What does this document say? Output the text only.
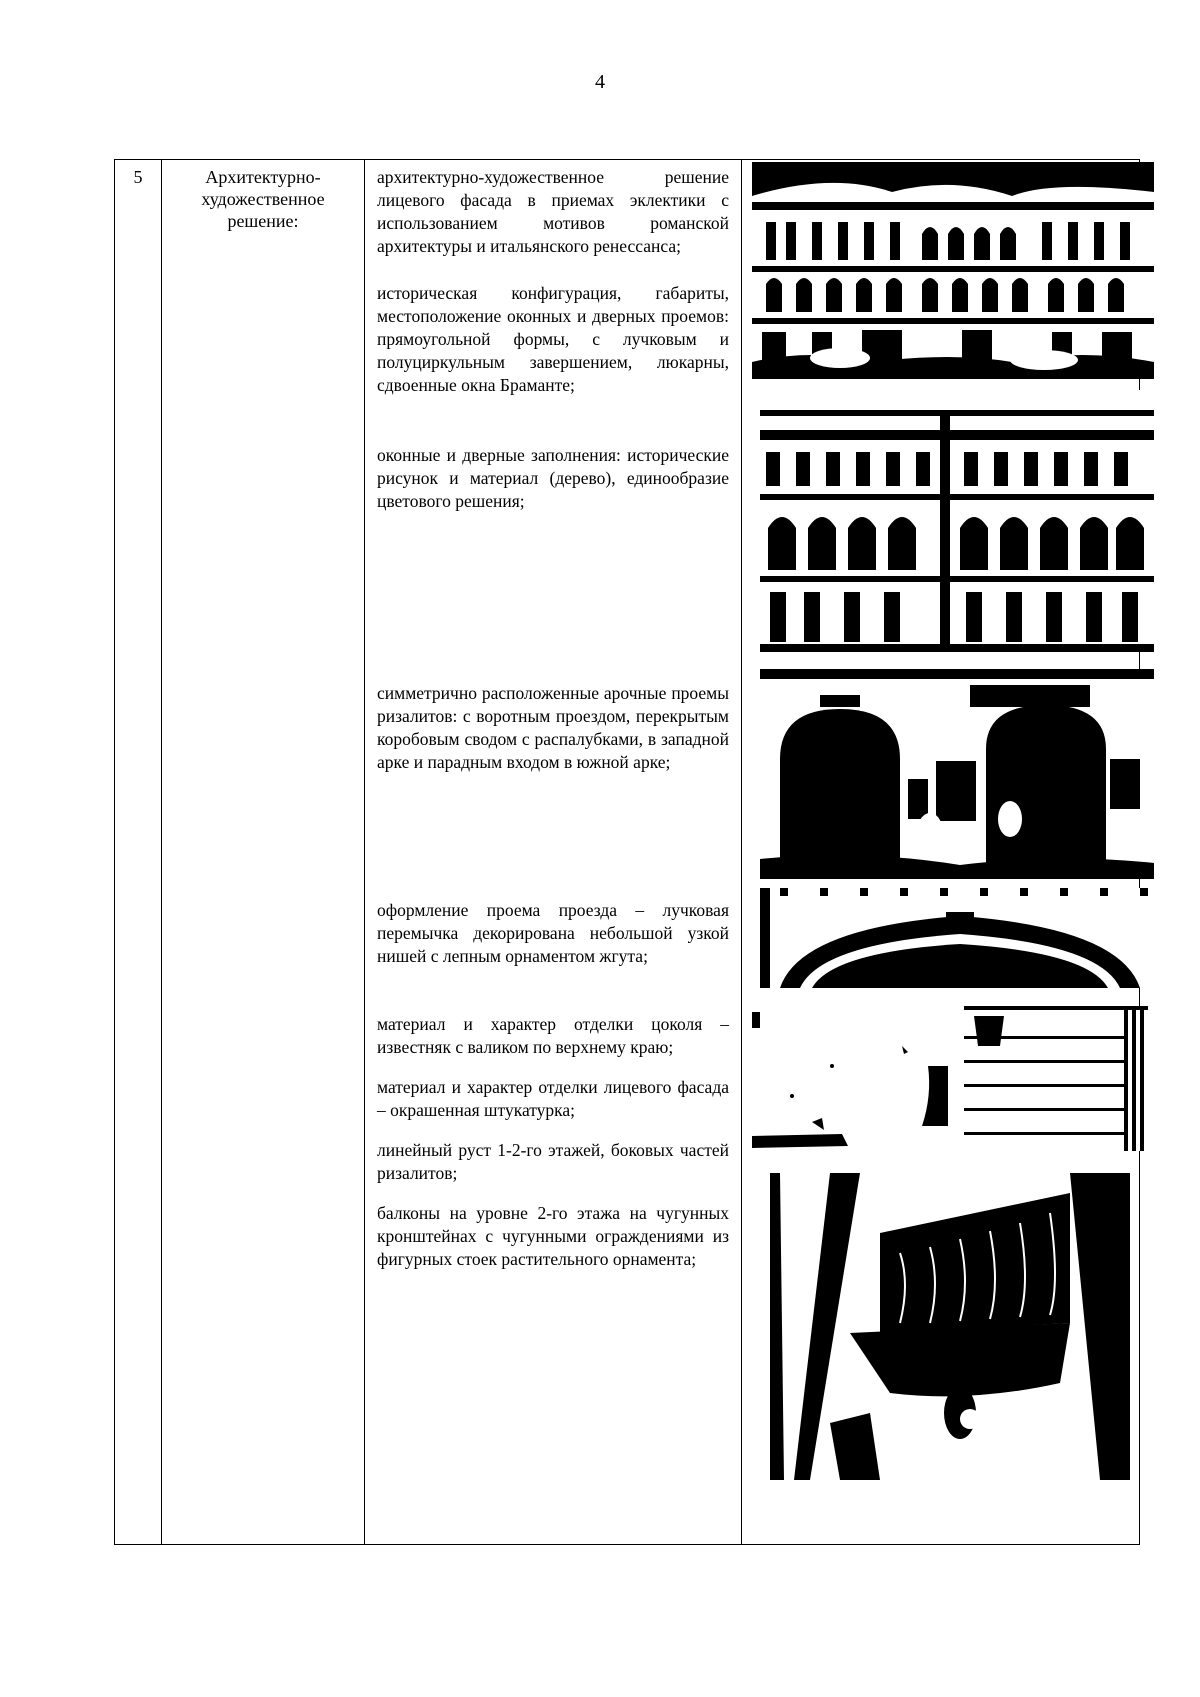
4
5	Архитектурно-художественное решение:	

архитектурно-художественное решение лицевого фасада в приемах эклектики с использованием мотивов романской архитектуры и итальянского ренессанса;

историческая конфигурация, габариты, местоположение оконных и дверных проемов: прямоугольной формы, с лучковым и полуциркульным завершением, люкарны, сдвоенные окна Браманте;

оконные и дверные заполнения: исторические рисунок и материал (дерево), единообразие цветового решения;

симметрично расположенные арочные проемы ризалитов: с воротным проездом, перекрытым коробовым сводом с распалубками, в западной арке и парадным входом в южной арке;

оформление проема проезда – лучковая перемычка декорирована небольшой узкой нишей с лепным орнаментом жгута;

материал и характер отделки цоколя – известняк с валиком по верхнему краю;

материал и характер отделки лицевого фасада – окрашенная штукатурка;

линейный руст 1-2-го этажей, боковых частей ризалитов;

балконы на уровне 2-го этажа на чугунных кронштейнах с чугунными ограждениями из фигурных стоек растительного орнамента;
